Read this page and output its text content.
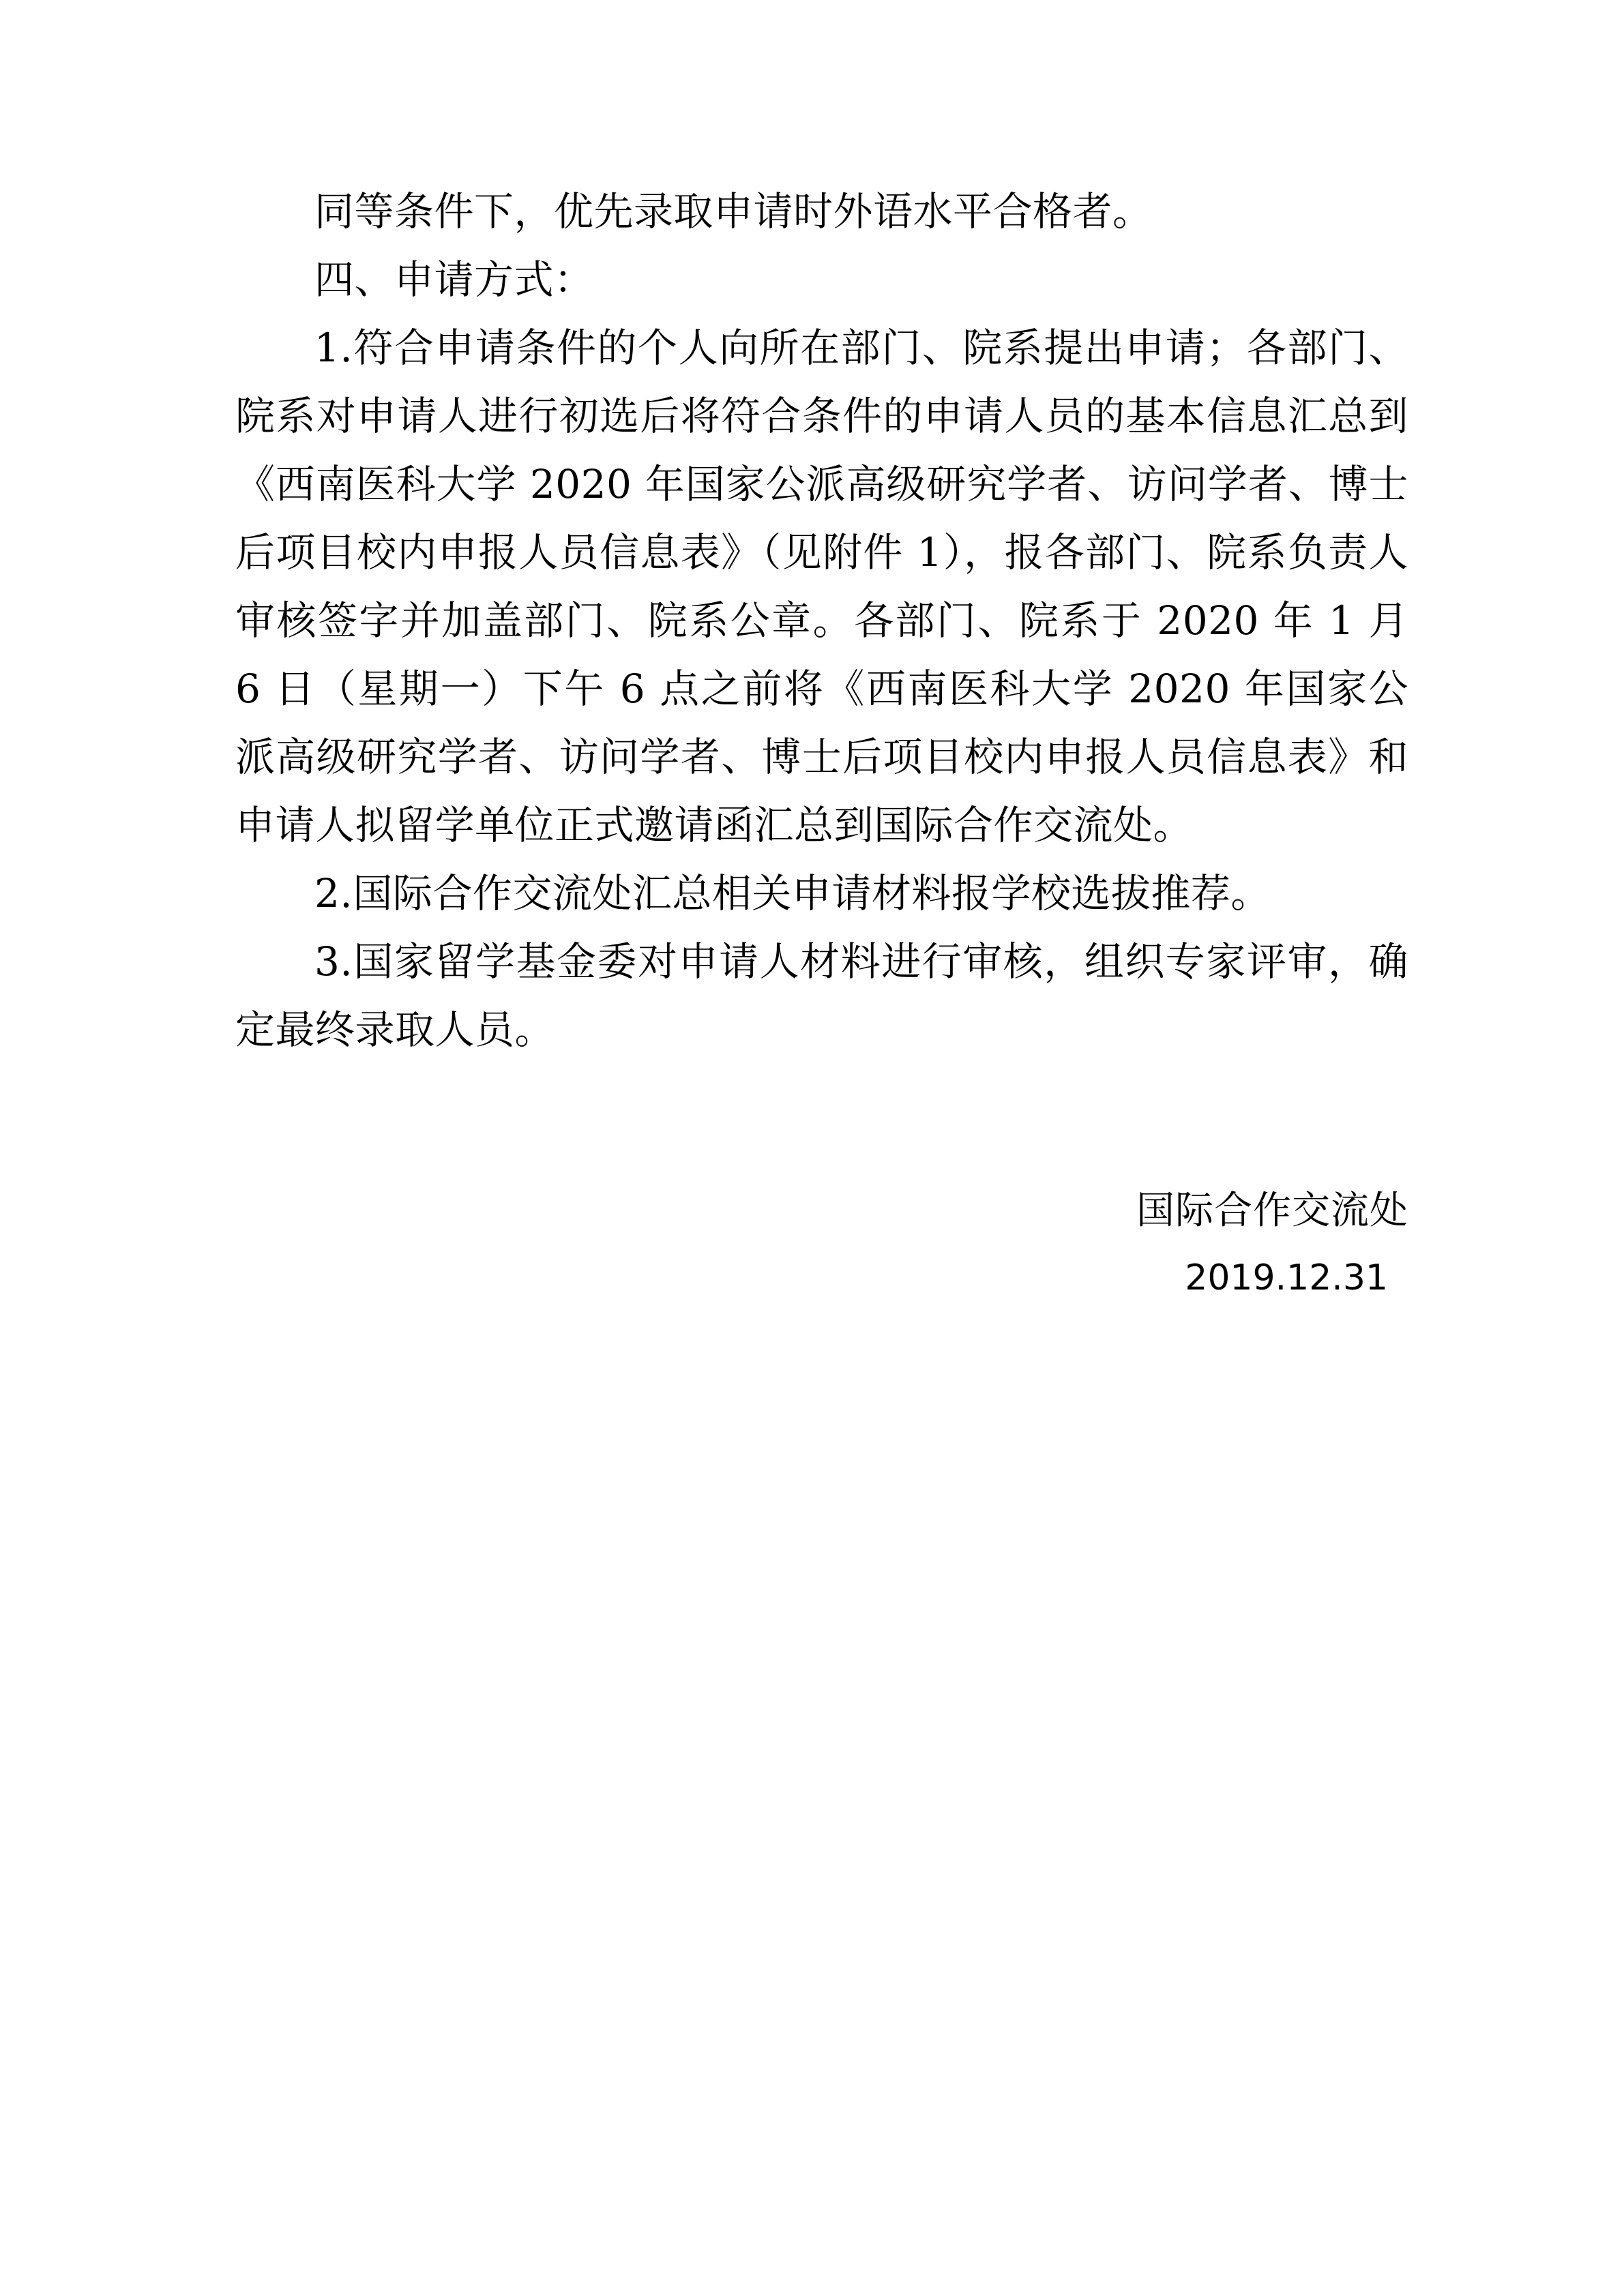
同等条件下，优先录取申请时外语水平合格者。

四、申请方式：

1.符合申请条件的个人向所在部门、院系提出申请；各部门、院系对申请人进行初选后将符合条件的申请人员的基本信息汇总到《西南医科大学 2020 年国家公派高级研究学者、访问学者、博士后项目校内申报人员信息表》（见附件 1），报各部门、院系负责人审核签字并加盖部门、院系公章。各部门、院系于 2020 年 1 月 6 日（星期一）下午 6 点之前将《西南医科大学 2020 年国家公派高级研究学者、访问学者、博士后项目校内申报人员信息表》和申请人拟留学单位正式邀请函汇总到国际合作交流处。

2.国际合作交流处汇总相关申请材料报学校选拔推荐。

3.国家留学基金委对申请人材料进行审核，组织专家评审，确定最终录取人员。

国际合作交流处
2019.12.31
